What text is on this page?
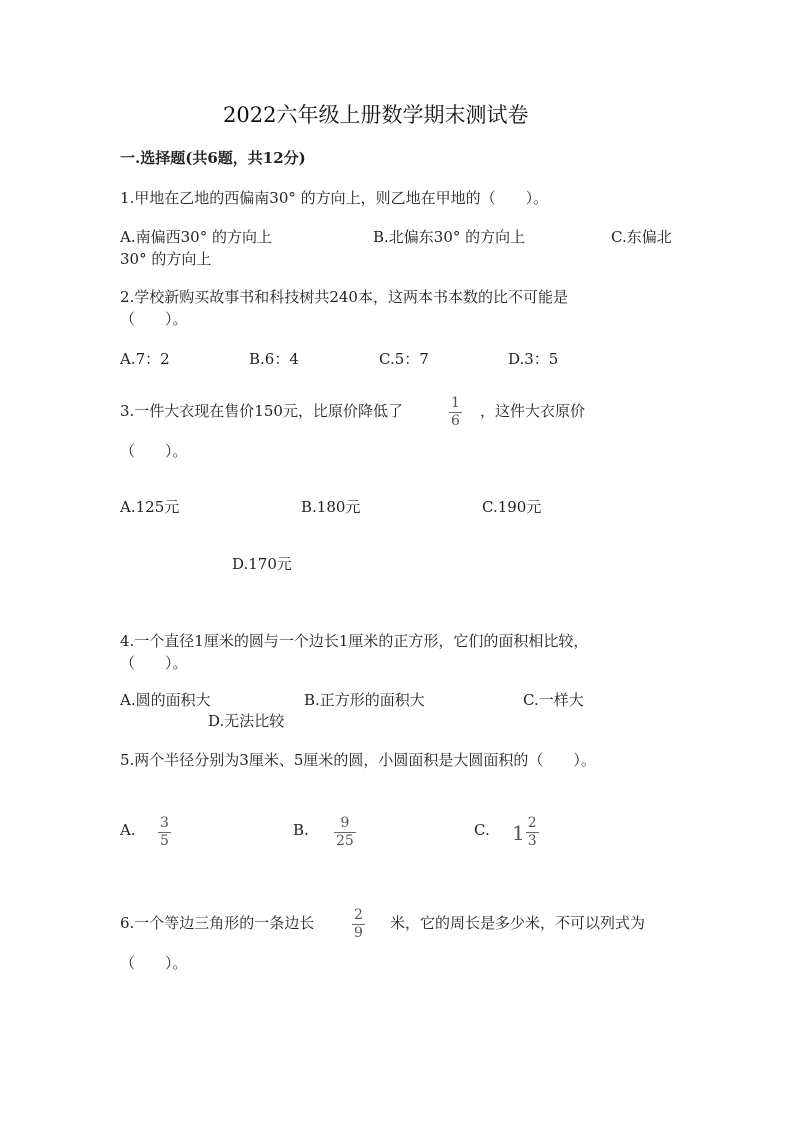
2022六年级上册数学期末测试卷
一.选择题(共6题，共12分)
1.甲地在乙地的西偏南30° 的方向上，则乙地在甲地的（　　）。
A.南偏西30° 的方向上	B.北偏东30° 的方向上	C.东偏北
30° 的方向上
2.学校新购买故事书和科技树共240本，这两本书本数的比不可能是
（　　）。
A.7：2	B.6：4	C.5：7	D.3：5
3.一件大衣现在售价150元，比原价降低了	1
6
，这件大衣原价
（　　）。
A.125元	B.180元	C.190元
D.170元
4.一个直径1厘米的圆与一个边长1厘米的正方形，它们的面积相比较，
（　　）。
A.圆的面积大	B.正方形的面积大	C.一样大
D.无法比较
5.两个半径分别为3厘米、5厘米的圆，小圆面积是大圆面积的（　　）。
A. 3
5
B. 9
25
C. $1 \frac{2}{3}$
6.一个等边三角形的一条边长	2
9
米，它的周长是多少米，不可以列式为
（　　）。
